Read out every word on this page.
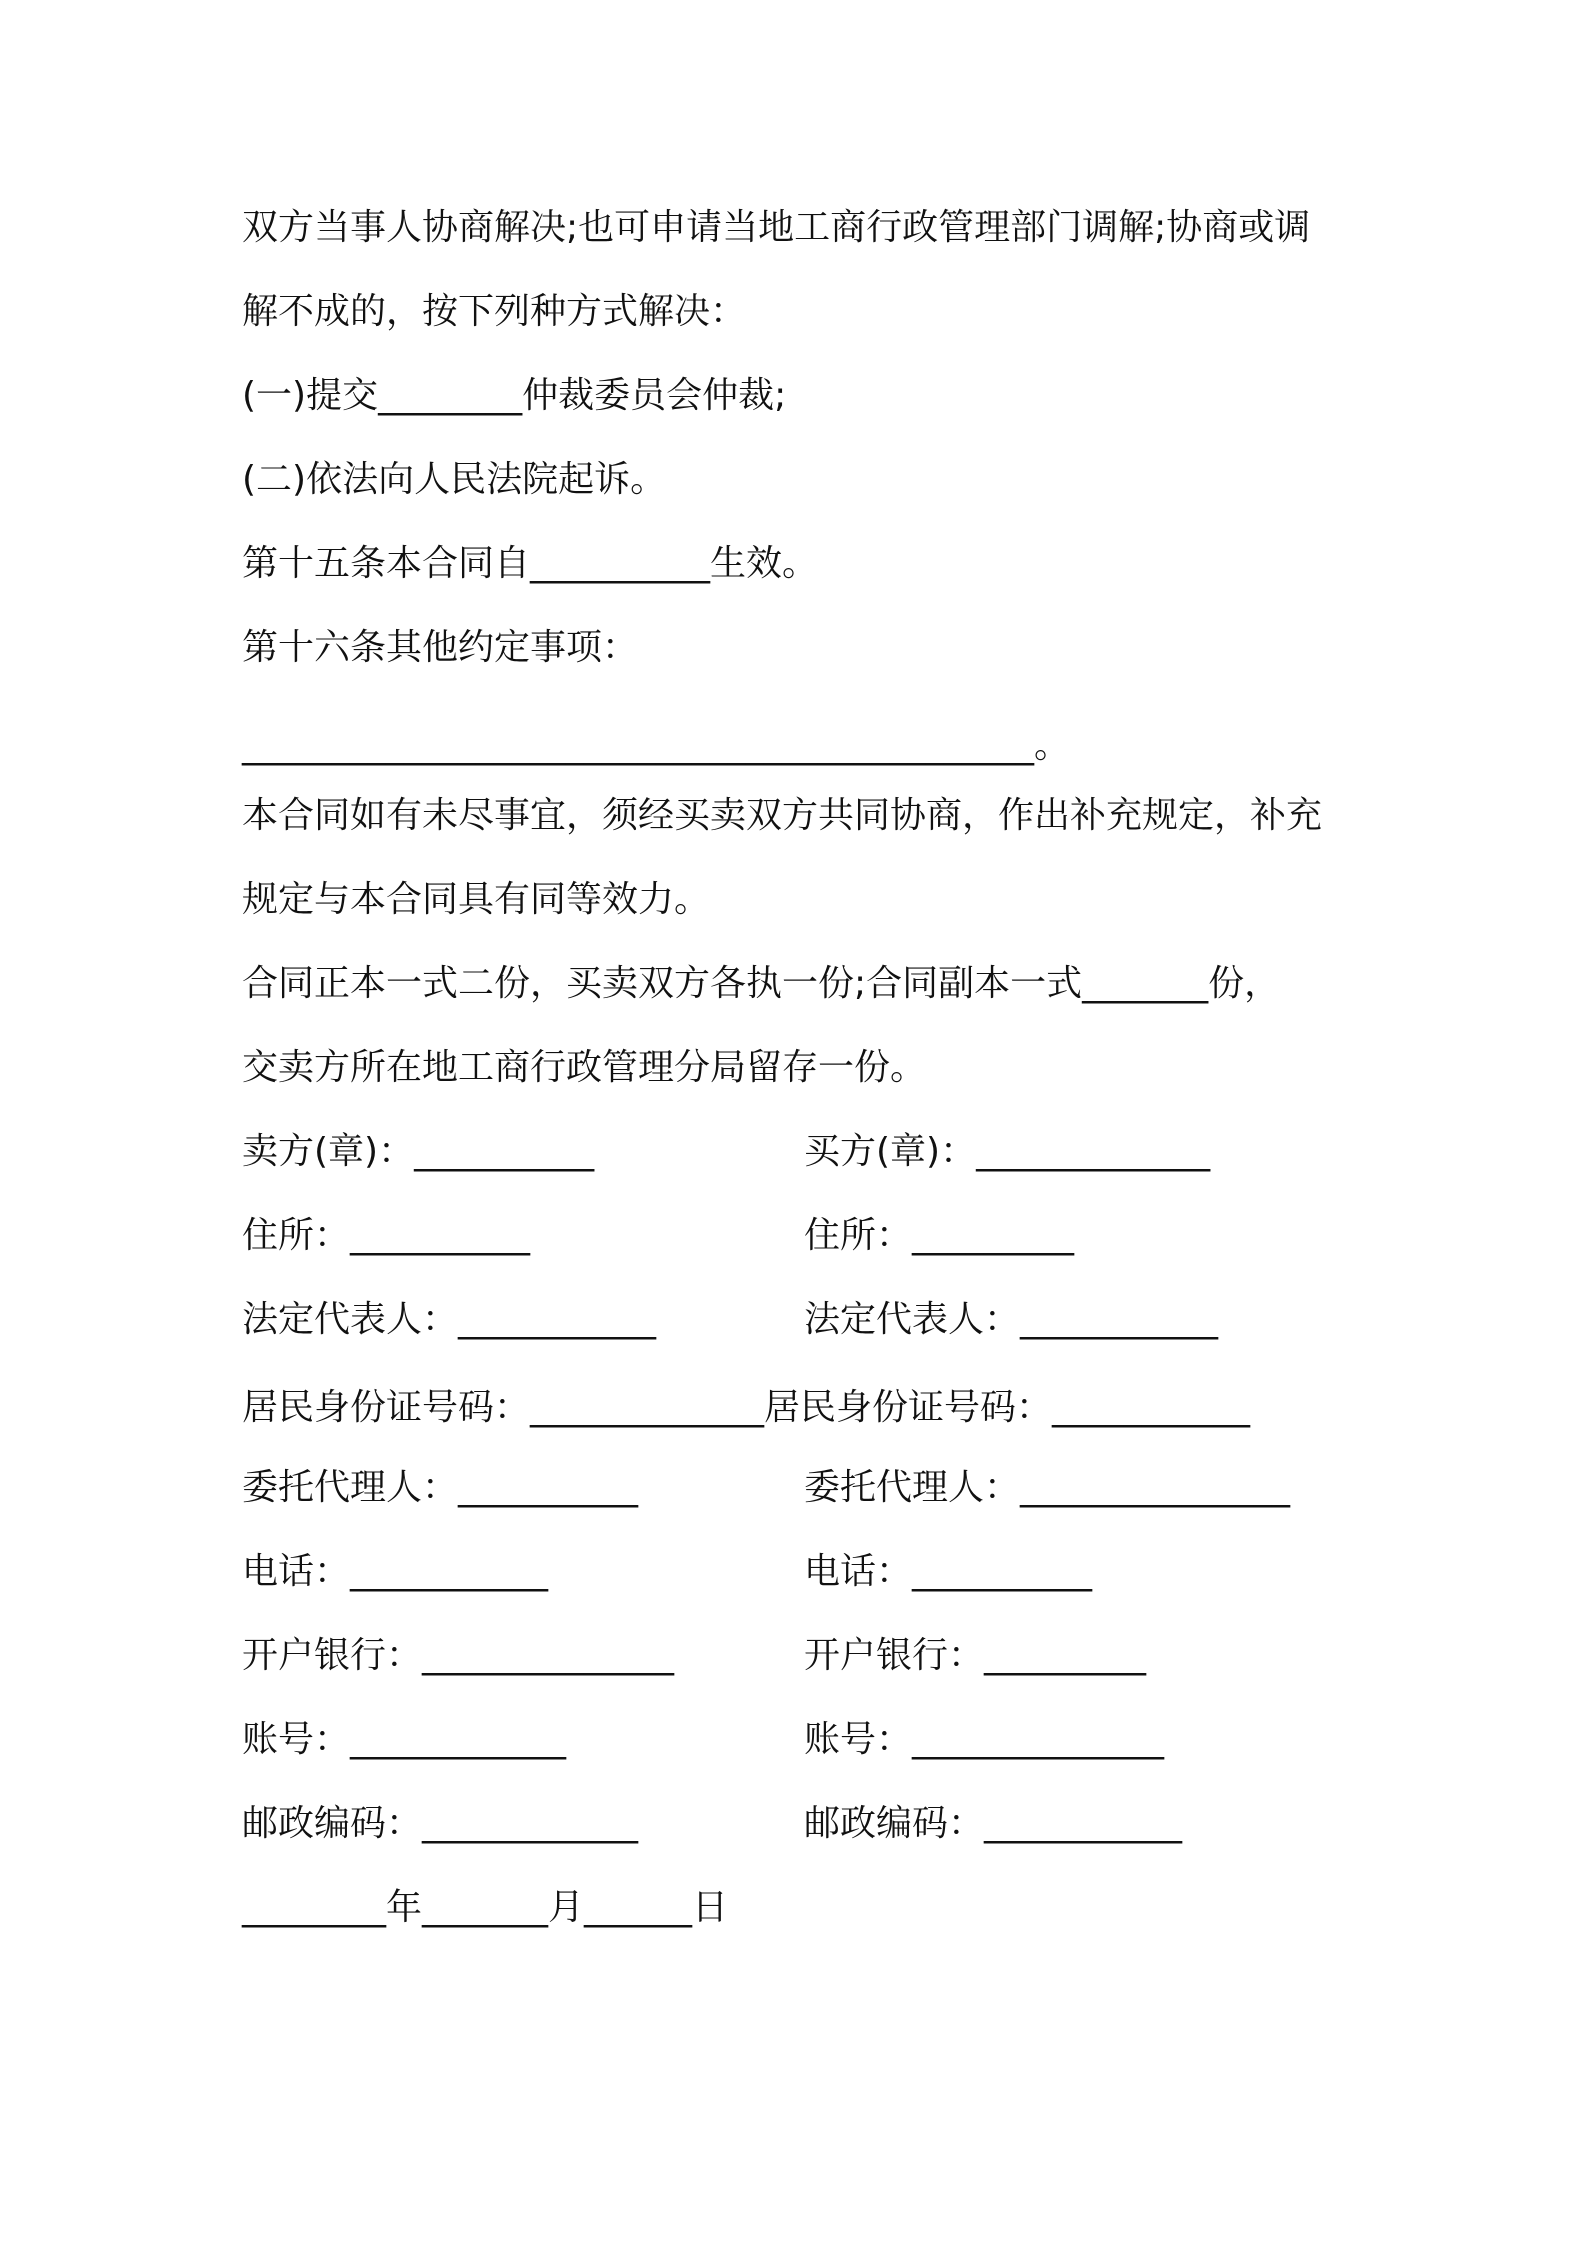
双方当事人协商解决;也可申请当地工商行政管理部门调解;协商或调
解不成的，按下列种方式解决：
(一)提交________仲裁委员会仲裁;
(二)依法向人民法院起诉。
第十五条本合同自__________生效。
第十六条其他约定事项：
____________________________________________。
本合同如有未尽事宜，须经买卖双方共同协商，作出补充规定，补充
规定与本合同具有同等效力。
合同正本一式二份，买卖双方各执一份;合同副本一式_______份，
交卖方所在地工商行政管理分局留存一份。
卖方(章)：__________	买方(章)：_____________
住所：__________	住所：_________
法定代表人：___________	法定代表人：___________
居民身份证号码：_____________居民身份证号码：___________
委托代理人：__________	委托代理人：_______________
电话：___________	电话：__________
开户银行：______________	开户银行：_________
账号：____________	账号：______________
邮政编码：____________	邮政编码：___________
________年_______月______日
